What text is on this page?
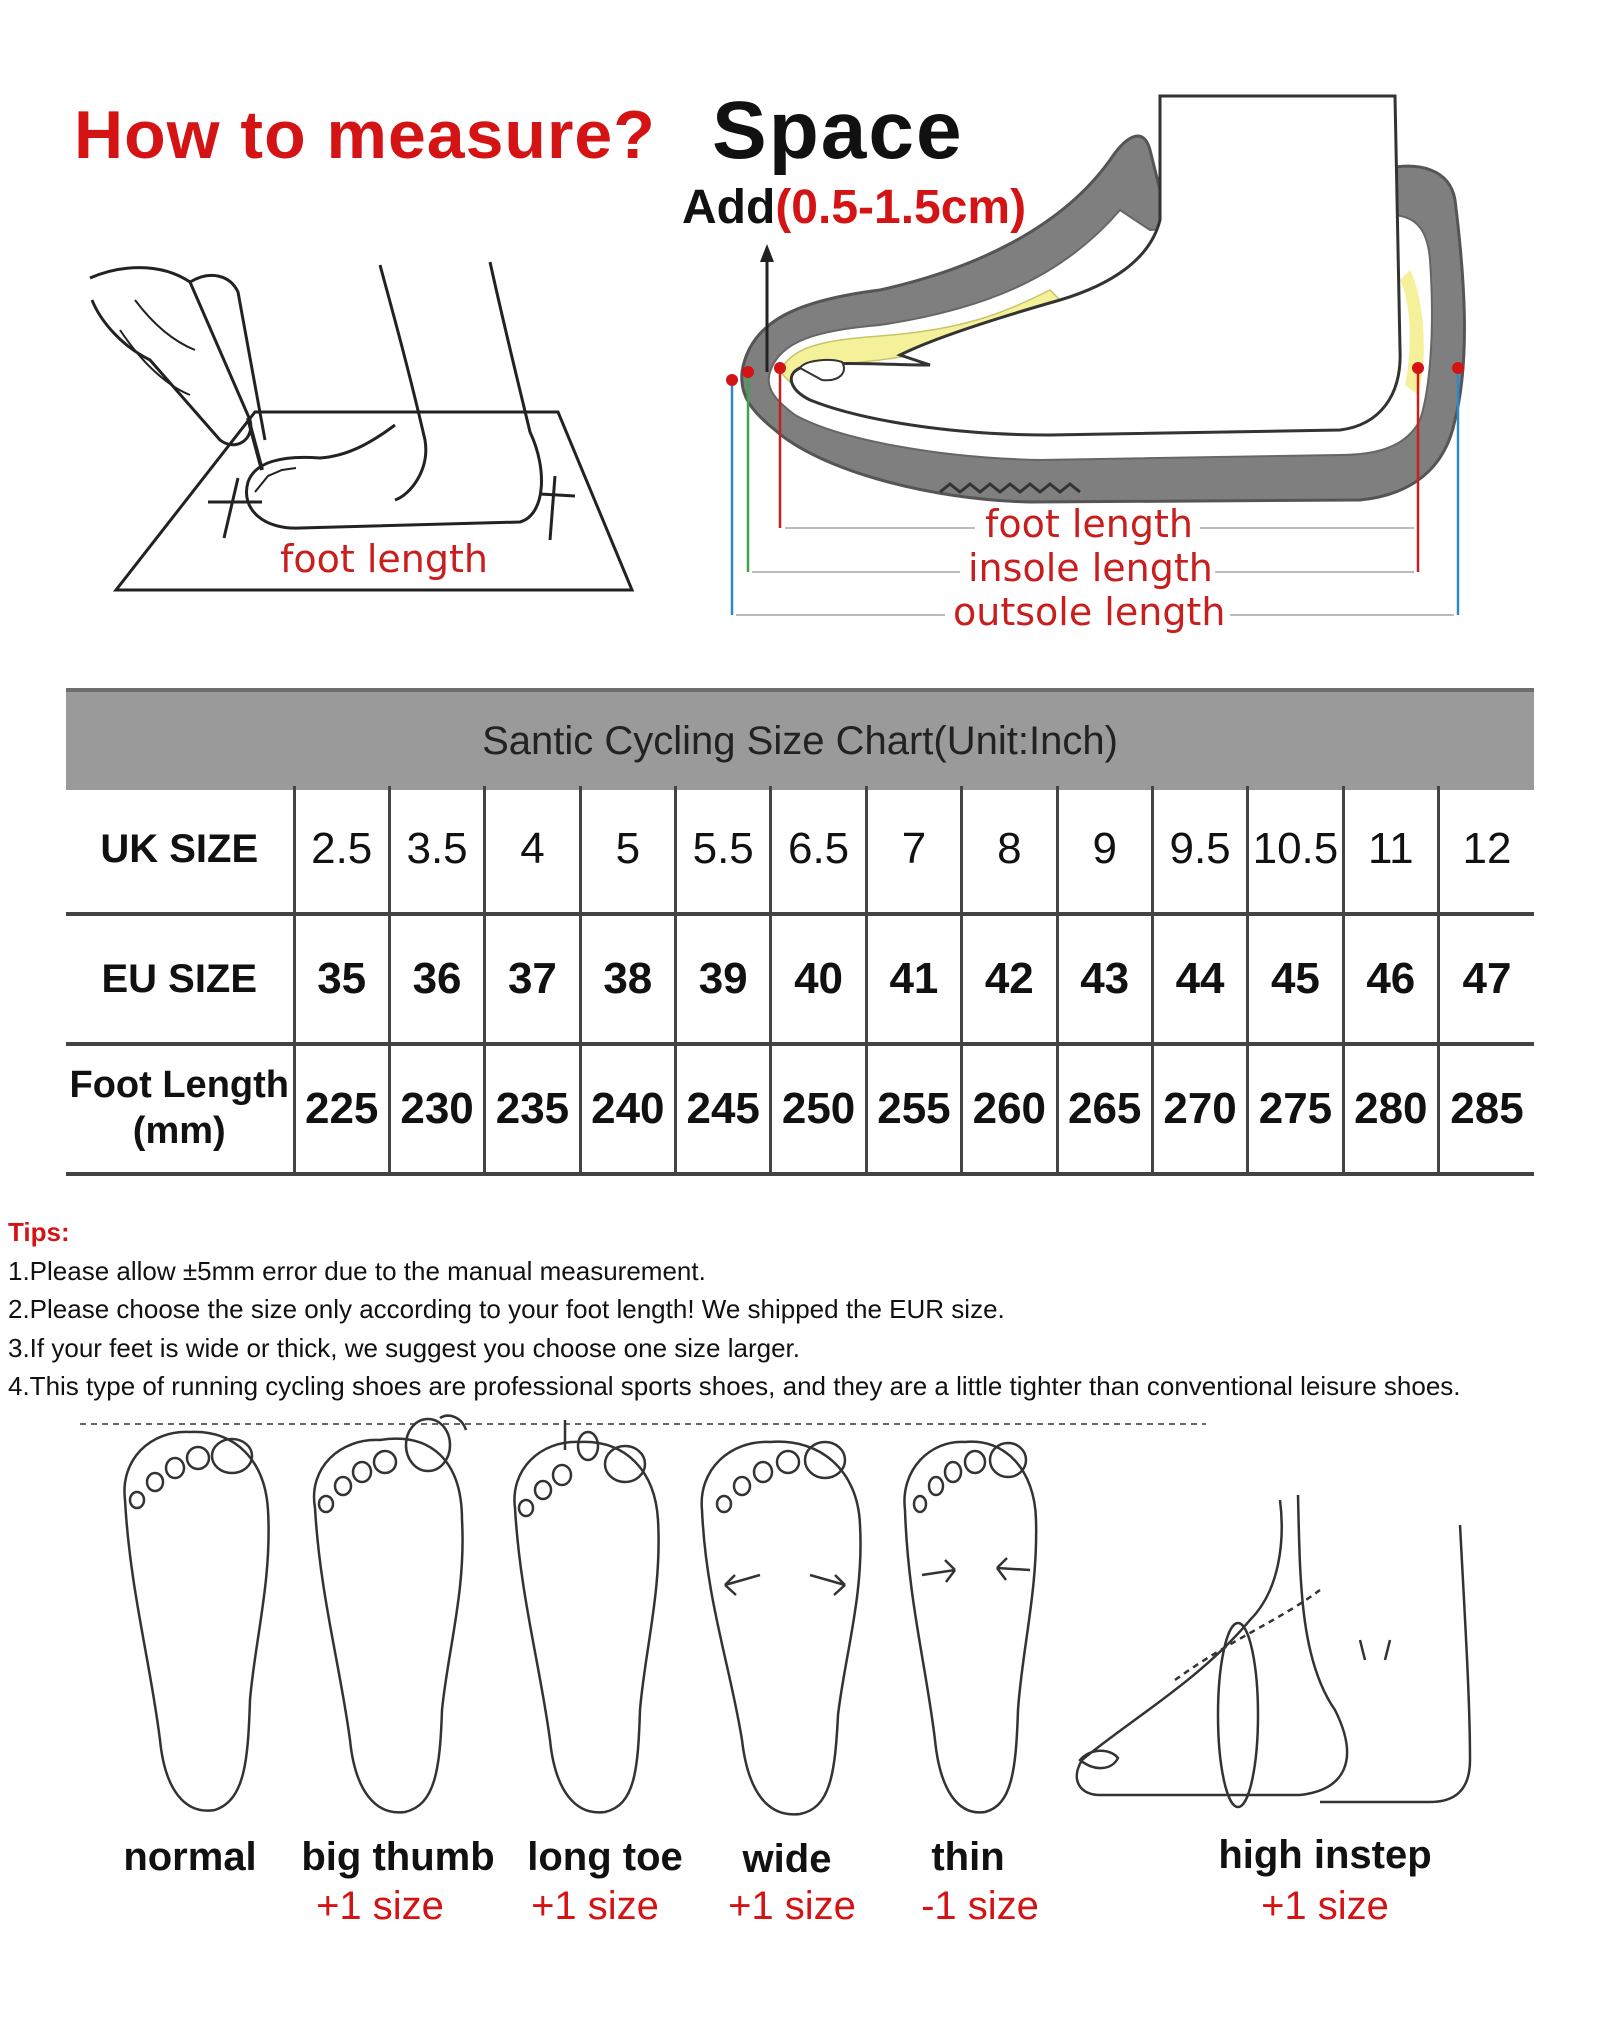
How to measure? Space
Add(0.5-1.5cm)
foot length
foot length
insole length
outsole length
Santic Cycling Size Chart(Unit:Inch)
UK SIZE	2.5	3.5	4	5	5.5	6.5	7	8	9	9.5	10.5	11	12
EU SIZE	35	36	37	38	39	40	41	42	43	44	45	46	47

Foot Length
(mm)	225	230	235	240	245	250	255	260	265	270	275	280	285
Tips:
1.Please allow ±5mm error due to the manual measurement.
2.Please choose the size only according to your foot length! We shipped the EUR size.
3.If your feet is wide or thick, we suggest you choose one size larger.
4.This type of running cycling shoes are professional sports shoes, and they are a little tighter than conventional leisure shoes.
normal	big thumb
+1 size
long toe
+1 size
wide
+1 size
thin
-1 size
high instep
+1 size
